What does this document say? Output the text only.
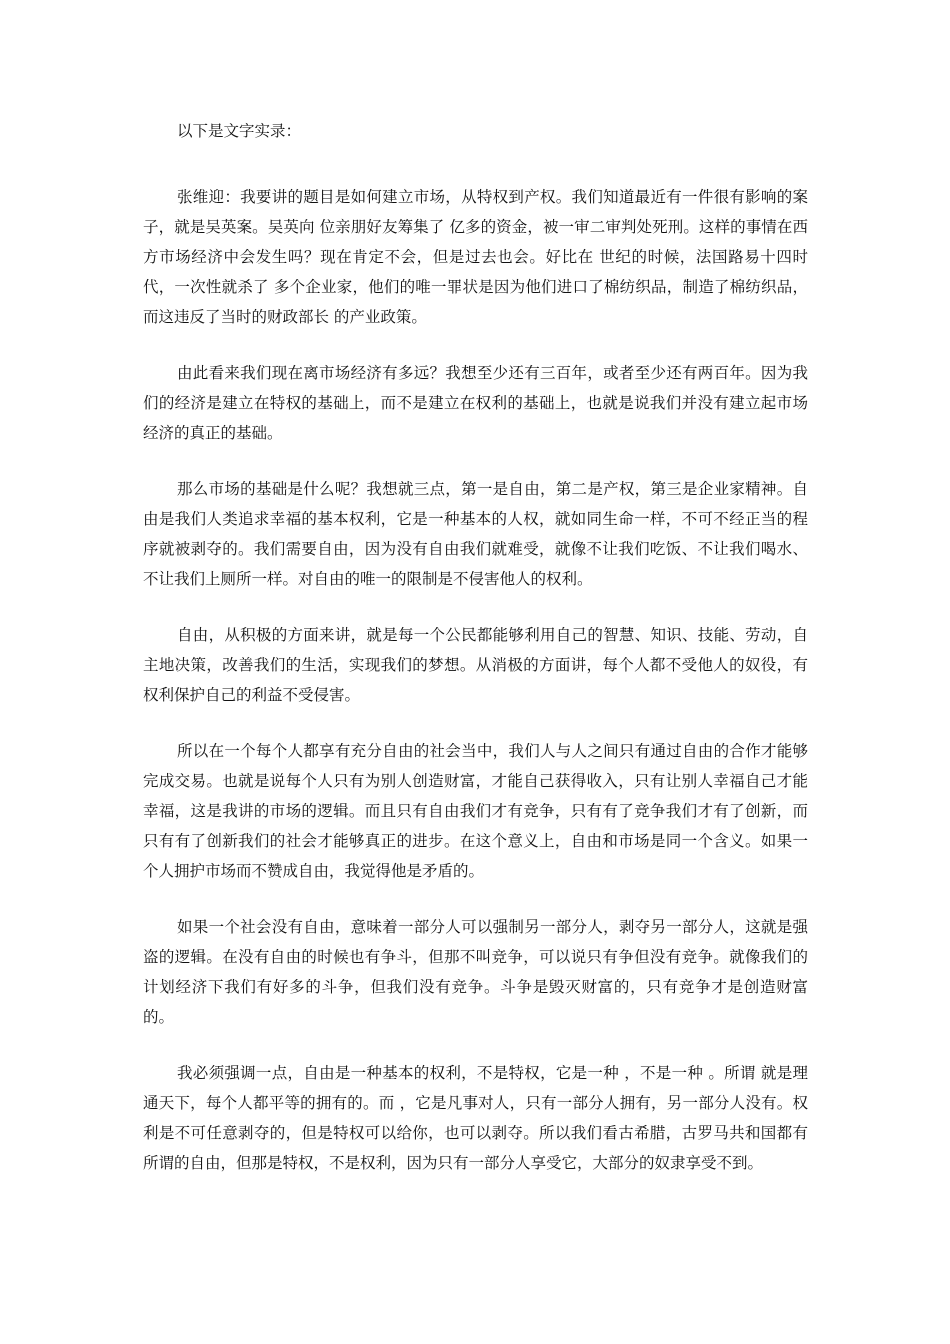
以下是文字实录：

张维迎：我要讲的题目是如何建立市场，从特权到产权。我们知道最近有一件很有影响的案子，就是吴英案。吴英向 位亲朋好友筹集了 亿多的资金，被一审二审判处死刑。这样的事情在西方市场经济中会发生吗？现在肯定不会，但是过去也会。好比在 世纪的时候，法国路易十四时代，一次性就杀了 多个企业家，他们的唯一罪状是因为他们进口了棉纺织品，制造了棉纺织品，而这违反了当时的财政部长 的产业政策。

由此看来我们现在离市场经济有多远？我想至少还有三百年，或者至少还有两百年。因为我们的经济是建立在特权的基础上，而不是建立在权利的基础上，也就是说我们并没有建立起市场经济的真正的基础。

那么市场的基础是什么呢？我想就三点，第一是自由，第二是产权，第三是企业家精神。自由是我们人类追求幸福的基本权利，它是一种基本的人权，就如同生命一样，不可不经正当的程序就被剥夺的。我们需要自由，因为没有自由我们就难受，就像不让我们吃饭、不让我们喝水、不让我们上厕所一样。对自由的唯一的限制是不侵害他人的权利。

自由，从积极的方面来讲，就是每一个公民都能够利用自己的智慧、知识、技能、劳动，自主地决策，改善我们的生活，实现我们的梦想。从消极的方面讲，每个人都不受他人的奴役，有权利保护自己的利益不受侵害。

所以在一个每个人都享有充分自由的社会当中，我们人与人之间只有通过自由的合作才能够完成交易。也就是说每个人只有为别人创造财富，才能自己获得收入，只有让别人幸福自己才能幸福，这是我讲的市场的逻辑。而且只有自由我们才有竞争，只有有了竞争我们才有了创新，而只有有了创新我们的社会才能够真正的进步。在这个意义上，自由和市场是同一个含义。如果一个人拥护市场而不赞成自由，我觉得他是矛盾的。

如果一个社会没有自由，意味着一部分人可以强制另一部分人，剥夺另一部分人，这就是强盗的逻辑。在没有自由的时候也有争斗，但那不叫竞争，可以说只有争但没有竞争。就像我们的计划经济下我们有好多的斗争，但我们没有竞争。斗争是毁灭财富的，只有竞争才是创造财富的。

我必须强调一点，自由是一种基本的权利，不是特权，它是一种 ，不是一种 。所谓 就是理通天下，每个人都平等的拥有的。而 ，它是凡事对人，只有一部分人拥有，另一部分人没有。权利是不可任意剥夺的，但是特权可以给你，也可以剥夺。所以我们看古希腊，古罗马共和国都有所谓的自由，但那是特权，不是权利，因为只有一部分人享受它，大部分的奴隶享受不到。
